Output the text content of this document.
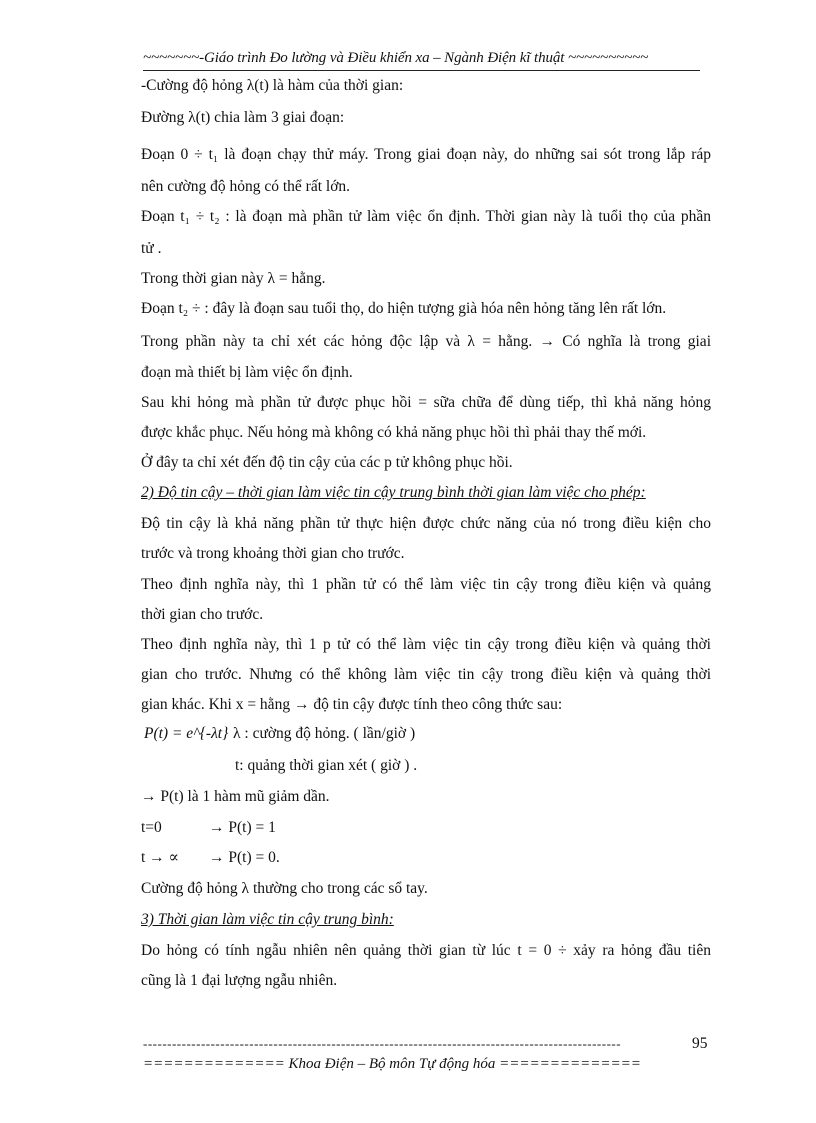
~~~~~~~-Giáo trình Đo lường và Điều khiển xa – Ngành Điện kĩ thuật ~~~~~~~~~~
-Cường độ hỏng λ(t) là hàm của thời gian:
Đường λ(t) chia làm 3 giai đoạn:
Đoạn 0 ÷ t₁ là đoạn chạy thử máy. Trong giai đoạn này, do những sai sót trong lắp ráp
nên cường độ hỏng có thể rất lớn.
Đoạn t₁ ÷ t₂ : là đoạn mà phần tử làm việc ổn định. Thời gian này là tuổi thọ của phần
tử .
Trong thời gian này λ = hằng.
Đoạn t₂ ÷ : đây là đoạn sau tuổi thọ, do hiện tượng già hóa nên hỏng tăng lên rất lớn.
Trong phần này ta chỉ xét các hỏng độc lập và λ = hằng. → Có nghĩa là trong giai
đoạn mà thiết bị làm việc ổn định.
Sau khi hỏng mà phần tử được phục hồi = sữa chữa để dùng tiếp, thì khả năng hỏng
được khắc phục. Nếu hỏng mà không có khả năng phục hồi thì phải thay thế mới.
Ở đây ta chỉ xét đến độ tin cậy của các p tử không phục hồi.
2) Độ tin cậy – thời gian làm việc tin cậy trung bình thời gian làm việc cho phép:
Độ tin cậy là khả năng phần tử thực hiện được chức năng của nó trong điều kiện cho
trước và trong khoảng thời gian cho trước.
Theo định nghĩa này, thì 1 phần tử có thể làm việc tin cậy trong điều kiện và quảng
thời gian cho trước.
Theo định nghĩa này, thì 1 p tử có thể làm việc tin cậy trong điều kiện và quảng thời
gian cho trước. Nhưng có thể không làm việc tin cậy trong điều kiện và quảng thời
gian khác. Khi x = hằng → độ tin cậy được tính theo công thức sau:
P(t) = e^{-λt} λ : cường độ hỏng. ( lần/giờ )
t: quảng thời gian xét ( giờ ) .
→ P(t) là 1 hàm mũ giảm dần.
t=0	→ P(t) = 1
t → ∝ → P(t) = 0.
Cường độ hỏng λ thường cho trong các sổ tay.
3) Thời gian làm việc tin cậy trung bình:
Do hỏng có tính ngẫu nhiên nên quảng thời gian từ lúc t = 0 ÷ xảy ra hỏng đầu tiên
cũng là 1 đại lượng ngẫu nhiên.
---------------------------------------------------------------------------------------------------	95
============== Khoa Điện – Bộ môn Tự động hóa ==============
